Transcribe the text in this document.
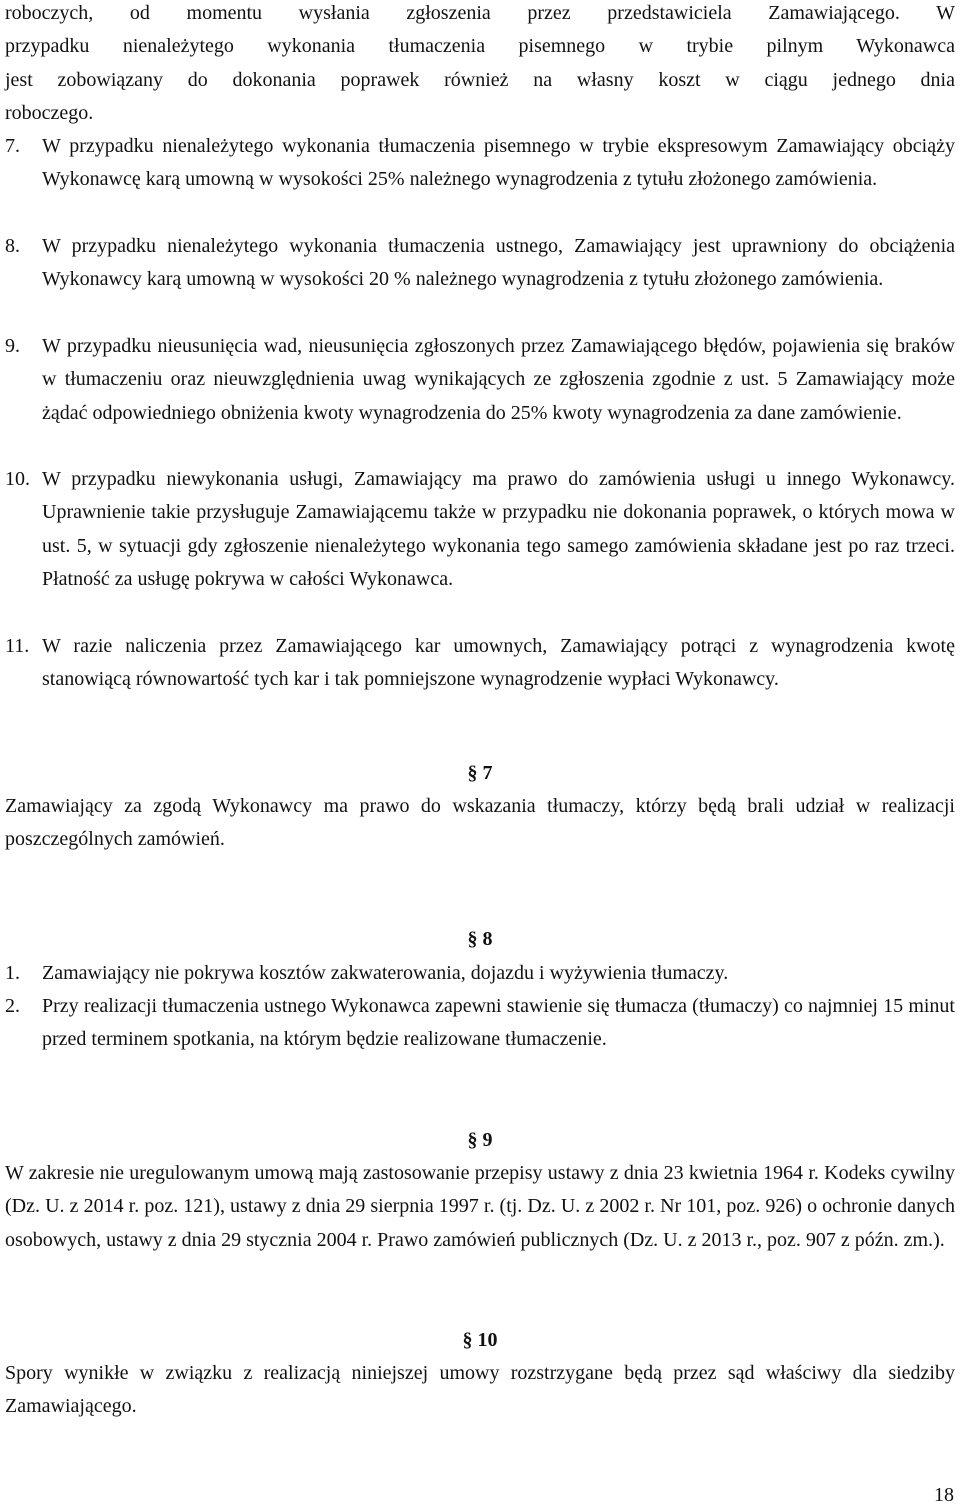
roboczych, od momentu wysłania zgłoszenia przez przedstawiciela Zamawiającego. W
przypadku nienależytego wykonania tłumaczenia pisemnego w trybie pilnym Wykonawca
jest zobowiązany do dokonania poprawek również na własny koszt w ciągu jednego dnia
roboczego.
7. W przypadku nienależytego wykonania tłumaczenia pisemnego w trybie ekspresowym Zamawiający obciąży Wykonawcę karą umowną w wysokości 25% należnego wynagrodzenia z tytułu złożonego zamówienia.

8. W przypadku nienależytego wykonania tłumaczenia ustnego, Zamawiający jest uprawniony do obciążenia Wykonawcy karą umowną w wysokości 20 % należnego wynagrodzenia z tytułu złożonego zamówienia.

9. W przypadku nieusunięcia wad, nieusunięcia zgłoszonych przez Zamawiającego błędów, pojawienia się braków w tłumaczeniu oraz nieuwzględnienia uwag wynikających ze zgłoszenia zgodnie z ust. 5 Zamawiający może żądać odpowiedniego obniżenia kwoty wynagrodzenia do 25% kwoty wynagrodzenia za dane zamówienie.

10. W przypadku niewykonania usługi, Zamawiający ma prawo do zamówienia usługi u innego Wykonawcy. Uprawnienie takie przysługuje Zamawiającemu także w przypadku nie dokonania poprawek, o których mowa w ust. 5, w sytuacji gdy zgłoszenie nienależytego wykonania tego samego zamówienia składane jest po raz trzeci. Płatność za usługę pokrywa w całości Wykonawca.

11. W razie naliczenia przez Zamawiającego kar umownych, Zamawiający potrąci z wynagrodzenia kwotę stanowiącą równowartość tych kar i tak pomniejszone wynagrodzenie wypłaci Wykonawcy.

§ 7

Zamawiający za zgodą Wykonawcy ma prawo do wskazania tłumaczy, którzy będą brali udział w realizacji poszczególnych zamówień.

§ 8
1. Zamawiający nie pokrywa kosztów zakwaterowania, dojazdu i wyżywienia tłumaczy.

2. Przy realizacji tłumaczenia ustnego Wykonawca zapewni stawienie się tłumacza (tłumaczy) co najmniej 15 minut przed terminem spotkania, na którym będzie realizowane tłumaczenie.

§ 9

W zakresie nie uregulowanym umową mają zastosowanie przepisy ustawy z dnia 23 kwietnia 1964 r. Kodeks cywilny (Dz. U. z 2014 r. poz. 121), ustawy z dnia 29 sierpnia 1997 r. (tj. Dz. U. z 2002 r. Nr 101, poz. 926) o ochronie danych osobowych, ustawy z dnia 29 stycznia 2004 r. Prawo zamówień publicznych (Dz. U. z 2013 r., poz. 907 z późn. zm.).

§ 10

Spory wynikłe w związku z realizacją niniejszej umowy rozstrzygane będą przez sąd właściwy dla siedziby Zamawiającego.

18
